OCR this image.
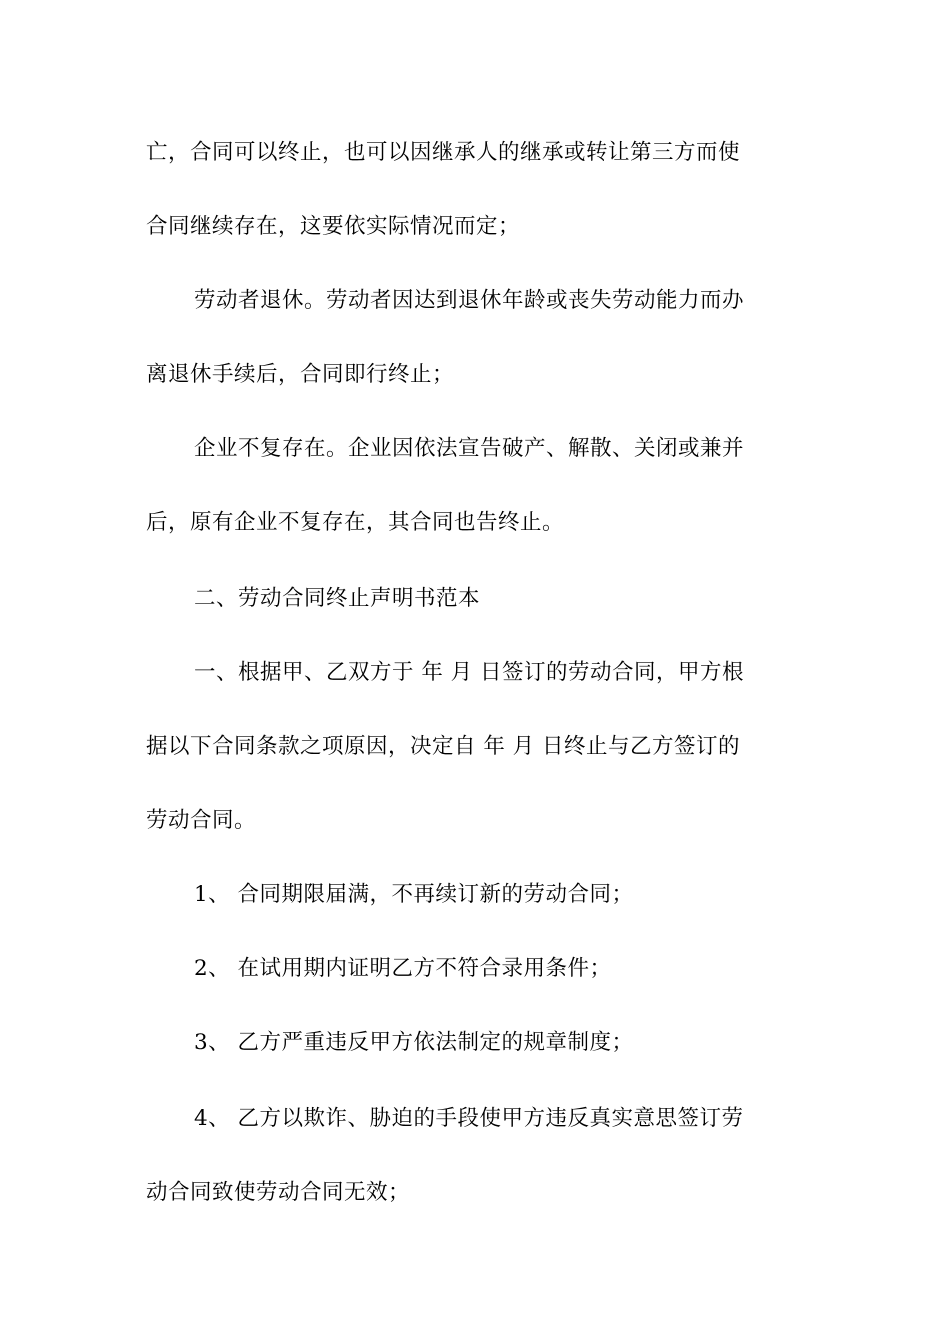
亡，合同可以终止，也可以因继承人的继承或转让第三方而使
合同继续存在，这要依实际情况而定；
劳动者退休。劳动者因达到退休年龄或丧失劳动能力而办
离退休手续后，合同即行终止；
企业不复存在。企业因依法宣告破产、解散、关闭或兼并
后，原有企业不复存在，其合同也告终止。
二、劳动合同终止声明书范本
一、根据甲、乙双方于 年 月 日签订的劳动合同，甲方根
据以下合同条款之项原因，决定自 年 月 日终止与乙方签订的
劳动合同。
1、 合同期限届满，不再续订新的劳动合同；
2、 在试用期内证明乙方不符合录用条件；
3、 乙方严重违反甲方依法制定的规章制度；
4、 乙方以欺诈、胁迫的手段使甲方违反真实意思签订劳
动合同致使劳动合同无效；
